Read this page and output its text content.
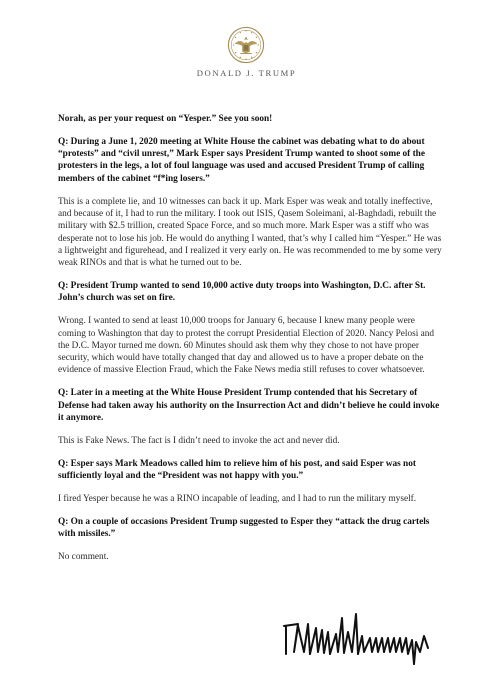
DONALD J. TRUMP

Norah, as per your request on “Yesper.” See you soon!

Q: During a June 1, 2020 meeting at White House the cabinet was debating what to do about “protests” and “civil unrest,” Mark Esper says President Trump wanted to shoot some of the protesters in the legs, a lot of foul language was used and accused President Trump of calling members of the cabinet “f*ing losers.”

This is a complete lie, and 10 witnesses can back it up. Mark Esper was weak and totally ineffective, and because of it, I had to run the military. I took out ISIS, Qasem Soleimani, al-Baghdadi, rebuilt the military with $2.5 trillion, created Space Force, and so much more. Mark Esper was a stiff who was desperate not to lose his job. He would do anything I wanted, that’s why I called him “Yesper.” He was a lightweight and figurehead, and I realized it very early on. He was recommended to me by some very weak RINOs and that is what he turned out to be.

Q: President Trump wanted to send 10,000 active duty troops into Washington, D.C. after St. John’s church was set on fire.

Wrong. I wanted to send at least 10,000 troops for January 6, because I knew many people were coming to Washington that day to protest the corrupt Presidential Election of 2020. Nancy Pelosi and the D.C. Mayor turned me down. 60 Minutes should ask them why they chose to not have proper security, which would have totally changed that day and allowed us to have a proper debate on the evidence of massive Election Fraud, which the Fake News media still refuses to cover whatsoever.

Q: Later in a meeting at the White House President Trump contended that his Secretary of Defense had taken away his authority on the Insurrection Act and didn’t believe he could invoke it anymore.

This is Fake News. The fact is I didn’t need to invoke the act and never did.

Q: Esper says Mark Meadows called him to relieve him of his post, and said Esper was not sufficiently loyal and the “President was not happy with you.”

I fired Yesper because he was a RINO incapable of leading, and I had to run the military myself.

Q: On a couple of occasions President Trump suggested to Esper they “attack the drug cartels with missiles.”

No comment.
